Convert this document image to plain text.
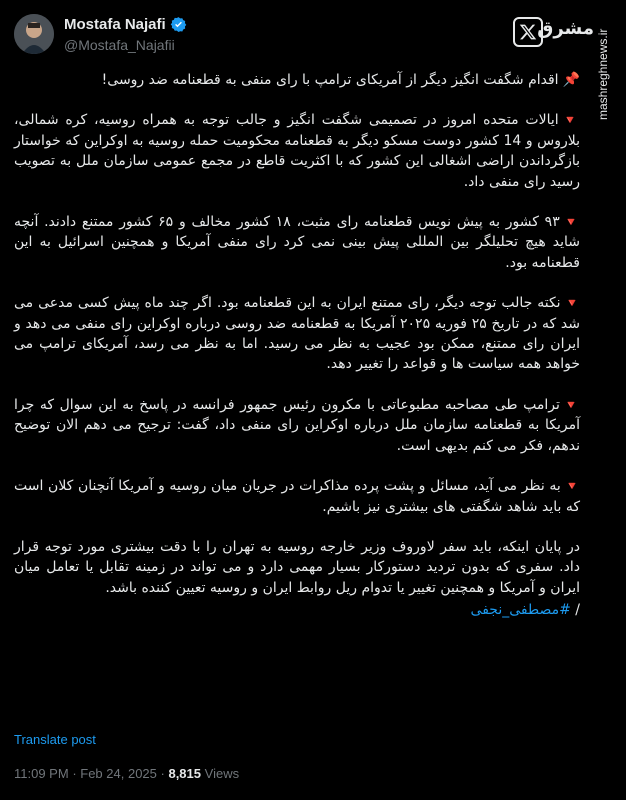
Mostafa Najafi
@Mostafa_Najafii
مشرق
mashreghnews.ir

📌اقدام شگفت انگیز دیگر از آمریکای ترامپ با رای منفی به قطعنامه ضد روسی!

🔻ایالات متحده امروز در تصمیمی شگفت انگیز و جالب توجه به همراه روسیه، کره شمالی، بلاروس و 14 کشور دوست مسکو دیگر به قطعنامه محکومیت حمله روسیه به اوکراین که خواستار بازگرداندن اراضی اشغالی این کشور که با اکثریت قاطع در مجمع عمومی سازمان ملل به تصویب رسید رای منفی داد.

🔻۹۳ کشور به پیش نویس قطعنامه رای مثبت، ۱۸ کشور مخالف و ۶۵ کشور ممتنع دادند. آنچه شاید هیچ تحلیلگر بین المللی پیش بینی نمی کرد رای منفی آمریکا و همچنین اسرائیل به این قطعنامه بود.

🔻نکته جالب توجه دیگر، رای ممتنع ایران به این قطعنامه بود. اگر چند ماه پیش کسی مدعی می شد که در تاریخ ۲۵ فوریه ۲۰۲۵ آمریکا به قطعنامه ضد روسی درباره اوکراین رای منفی می دهد و ایران رای ممتنع، ممکن بود عجیب به نظر می رسید. اما به نظر می رسد، آمریکای ترامپ می خواهد همه سیاست ها و قواعد را تغییر دهد.

🔻ترامپ طی مصاحبه مطبوعاتی با مکرون رئیس جمهور فرانسه در پاسخ به این سوال که چرا آمریکا به قطعنامه سازمان ملل درباره اوکراین رای منفی داد، گفت: ترجیح می دهم الان توضیح ندهم، فکر می کنم بدیهی است.

🔻به نظر می آید، مسائل و پشت پرده مذاکرات در جریان میان روسیه و آمریکا آنچنان کلان است که باید شاهد شگفتی های بیشتری نیز باشیم.

در پایان اینکه، باید سفر لاوروف وزیر خارجه روسیه به تهران را با دقت بیشتری مورد توجه قرار داد. سفری که بدون تردید دستورکار بسیار مهمی دارد و می تواند در زمینه تقابل یا تعامل میان ایران و آمریکا و همچنین تغییر یا تدوام ریل روابط ایران و روسیه تعیین کننده باشد.

/ #مصطفی_نجفی
Translate post
11:09 PM · Feb 24, 2025 · 8,815 Views
